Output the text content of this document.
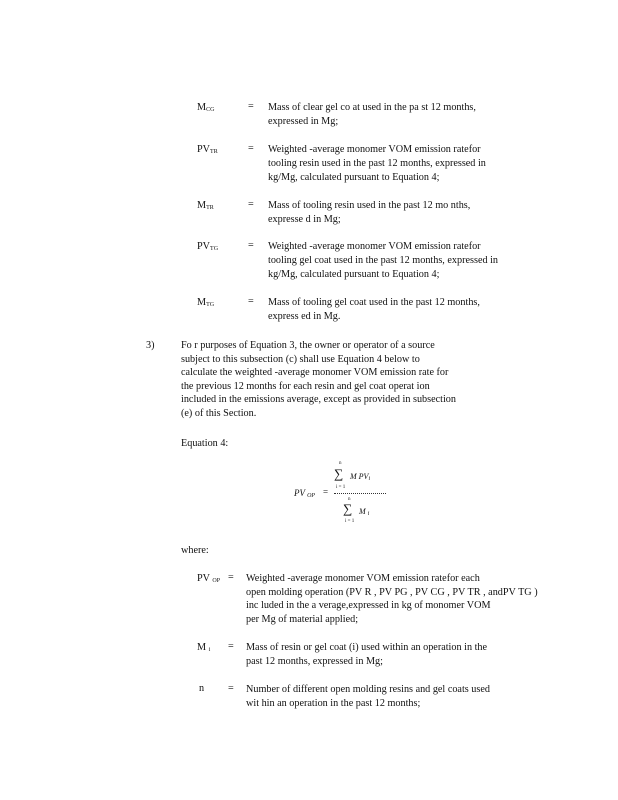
MCG	= Mass of clear gel co at used in the pa st 12 months,
expressed in Mg;
PVTR	= Weighted -average monomer VOM emission ratefor
tooling resin used in the past 12 months, expressed in
kg/Mg, calculated pursuant to Equation 4;
MTR	= Mass of tooling resin used in the past 12 mo nths,
expresse d in Mg;
PVTG	= Weighted -average monomer VOM emission ratefor
tooling gel coat used in the past 12 months, expressed in
kg/Mg, calculated pursuant to Equation 4;
MTG	= Mass of tooling gel coat used in the past 12 months,
express ed in Mg.
3)	Fo r purposes of Equation 3, the owner or operator of a source
subject to this subsection (c) shall use Equation 4 below to
calculate the weighted -average monomer VOM emission rate for
the previous 12 months for each resin and gel coat operat ion
included in the emissions average, except as provided in subsection
(e) of this Section.
Equation 4:
PV OP =
n
∑ M PVi
i = 1
n
∑ M i
i = 1
where:
PV OP = Weighted -average monomer VOM emission ratefor each
open molding operation (PV R , PV PG , PV CG , PV TR , andPV TG )
inc luded in the a verage,expressed in kg of monomer VOM
per Mg of material applied;
M i = Mass of resin or gel coat (i) used within an operation in the
past 12 months, expressed in Mg;
n = Number of different open molding resins and gel coats used
wit hin an operation in the past 12 months;
